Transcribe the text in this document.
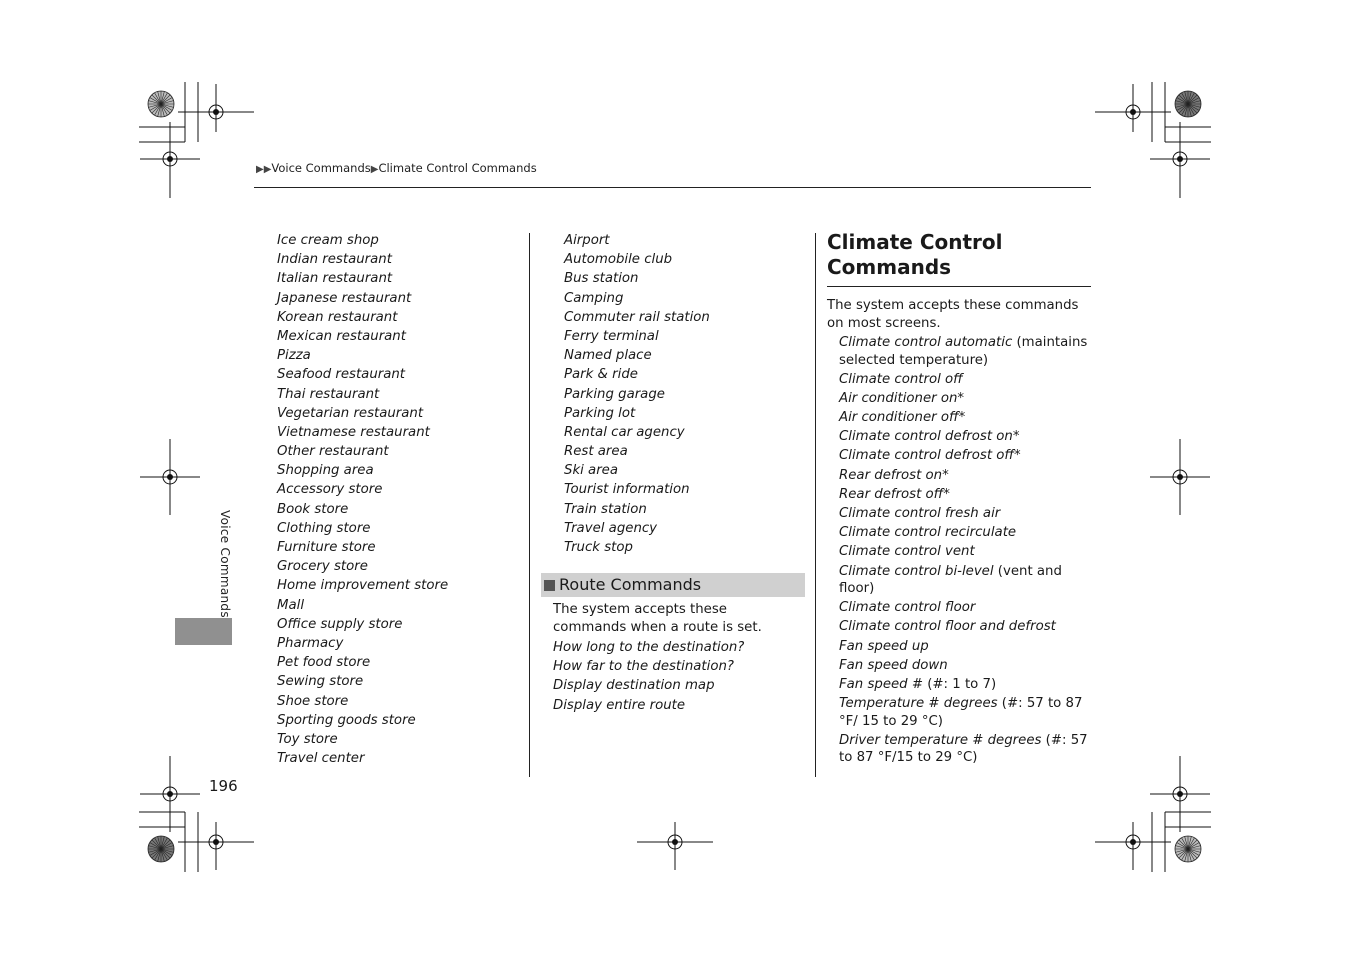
▶▶Voice Commands▶Climate Control Commands
Ice cream shop
Indian restaurant
Italian restaurant
Japanese restaurant
Korean restaurant
Mexican restaurant
Pizza
Seafood restaurant
Thai restaurant
Vegetarian restaurant
Vietnamese restaurant
Other restaurant
Shopping area
Accessory store
Book store
Clothing store
Furniture store
Grocery store
Home improvement store
Mall
Office supply store
Pharmacy
Pet food store
Sewing store
Shoe store
Sporting goods store
Toy store
Travel center
Airport
Automobile club
Bus station
Camping
Commuter rail station
Ferry terminal
Named place
Park & ride
Parking garage
Parking lot
Rental car agency
Rest area
Ski area
Tourist information
Train station
Travel agency
Truck stop
Route Commands
The system accepts these commands when a route is set.
How long to the destination?
How far to the destination?
Display destination map
Display entire route
Climate Control Commands
The system accepts these commands on most screens.
Climate control automatic (maintains selected temperature)
Climate control off
Air conditioner on*
Air conditioner off*
Climate control defrost on*
Climate control defrost off*
Rear defrost on*
Rear defrost off*
Climate control fresh air
Climate control recirculate
Climate control vent
Climate control bi-level (vent and floor)
Climate control floor
Climate control floor and defrost
Fan speed up
Fan speed down
Fan speed # (#: 1 to 7)
Temperature # degrees (#: 57 to 87 °F/ 15 to 29 °C)
Driver temperature # degrees (#: 57 to 87 °F/15 to 29 °C)
Voice Commands
196
